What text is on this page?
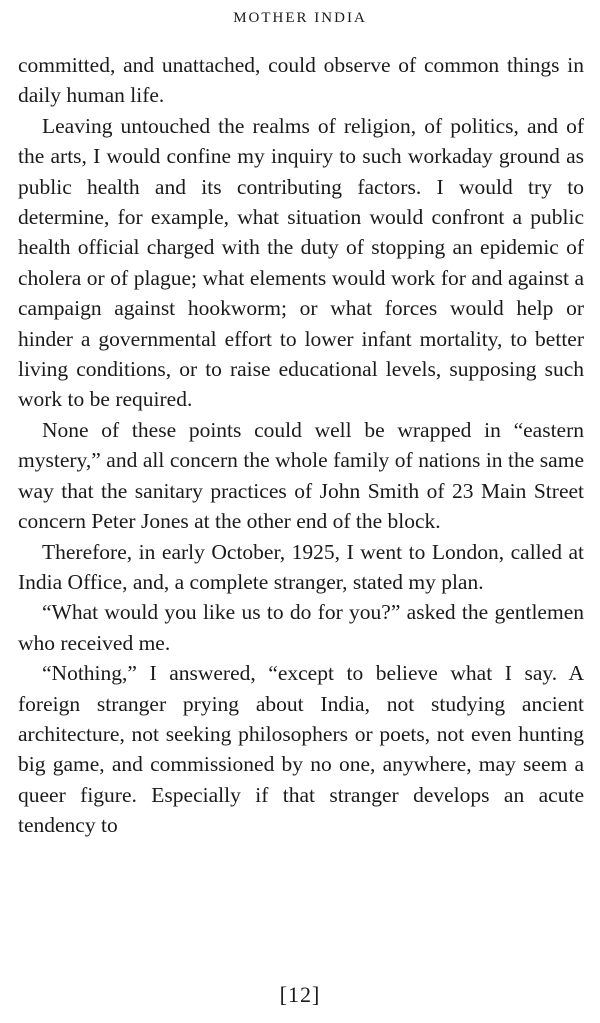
MOTHER INDIA

committed, and unattached, could observe of common things in daily human life.

Leaving untouched the realms of religion, of politics, and of the arts, I would confine my inquiry to such workaday ground as public health and its contributing factors. I would try to determine, for example, what situation would confront a public health official charged with the duty of stopping an epidemic of cholera or of plague; what elements would work for and against a campaign against hookworm; or what forces would help or hinder a governmental effort to lower infant mortality, to better living conditions, or to raise educational levels, supposing such work to be required.

None of these points could well be wrapped in “eastern mystery,” and all concern the whole family of nations in the same way that the sanitary practices of John Smith of 23 Main Street concern Peter Jones at the other end of the block.

Therefore, in early October, 1925, I went to London, called at India Office, and, a complete stranger, stated my plan.

“What would you like us to do for you?” asked the gentlemen who received me.

“Nothing,” I answered, “except to believe what I say. A foreign stranger prying about India, not studying ancient architecture, not seeking philosophers or poets, not even hunting big game, and commissioned by no one, anywhere, may seem a queer figure. Especially if that stranger develops an acute tendency to

[12]
